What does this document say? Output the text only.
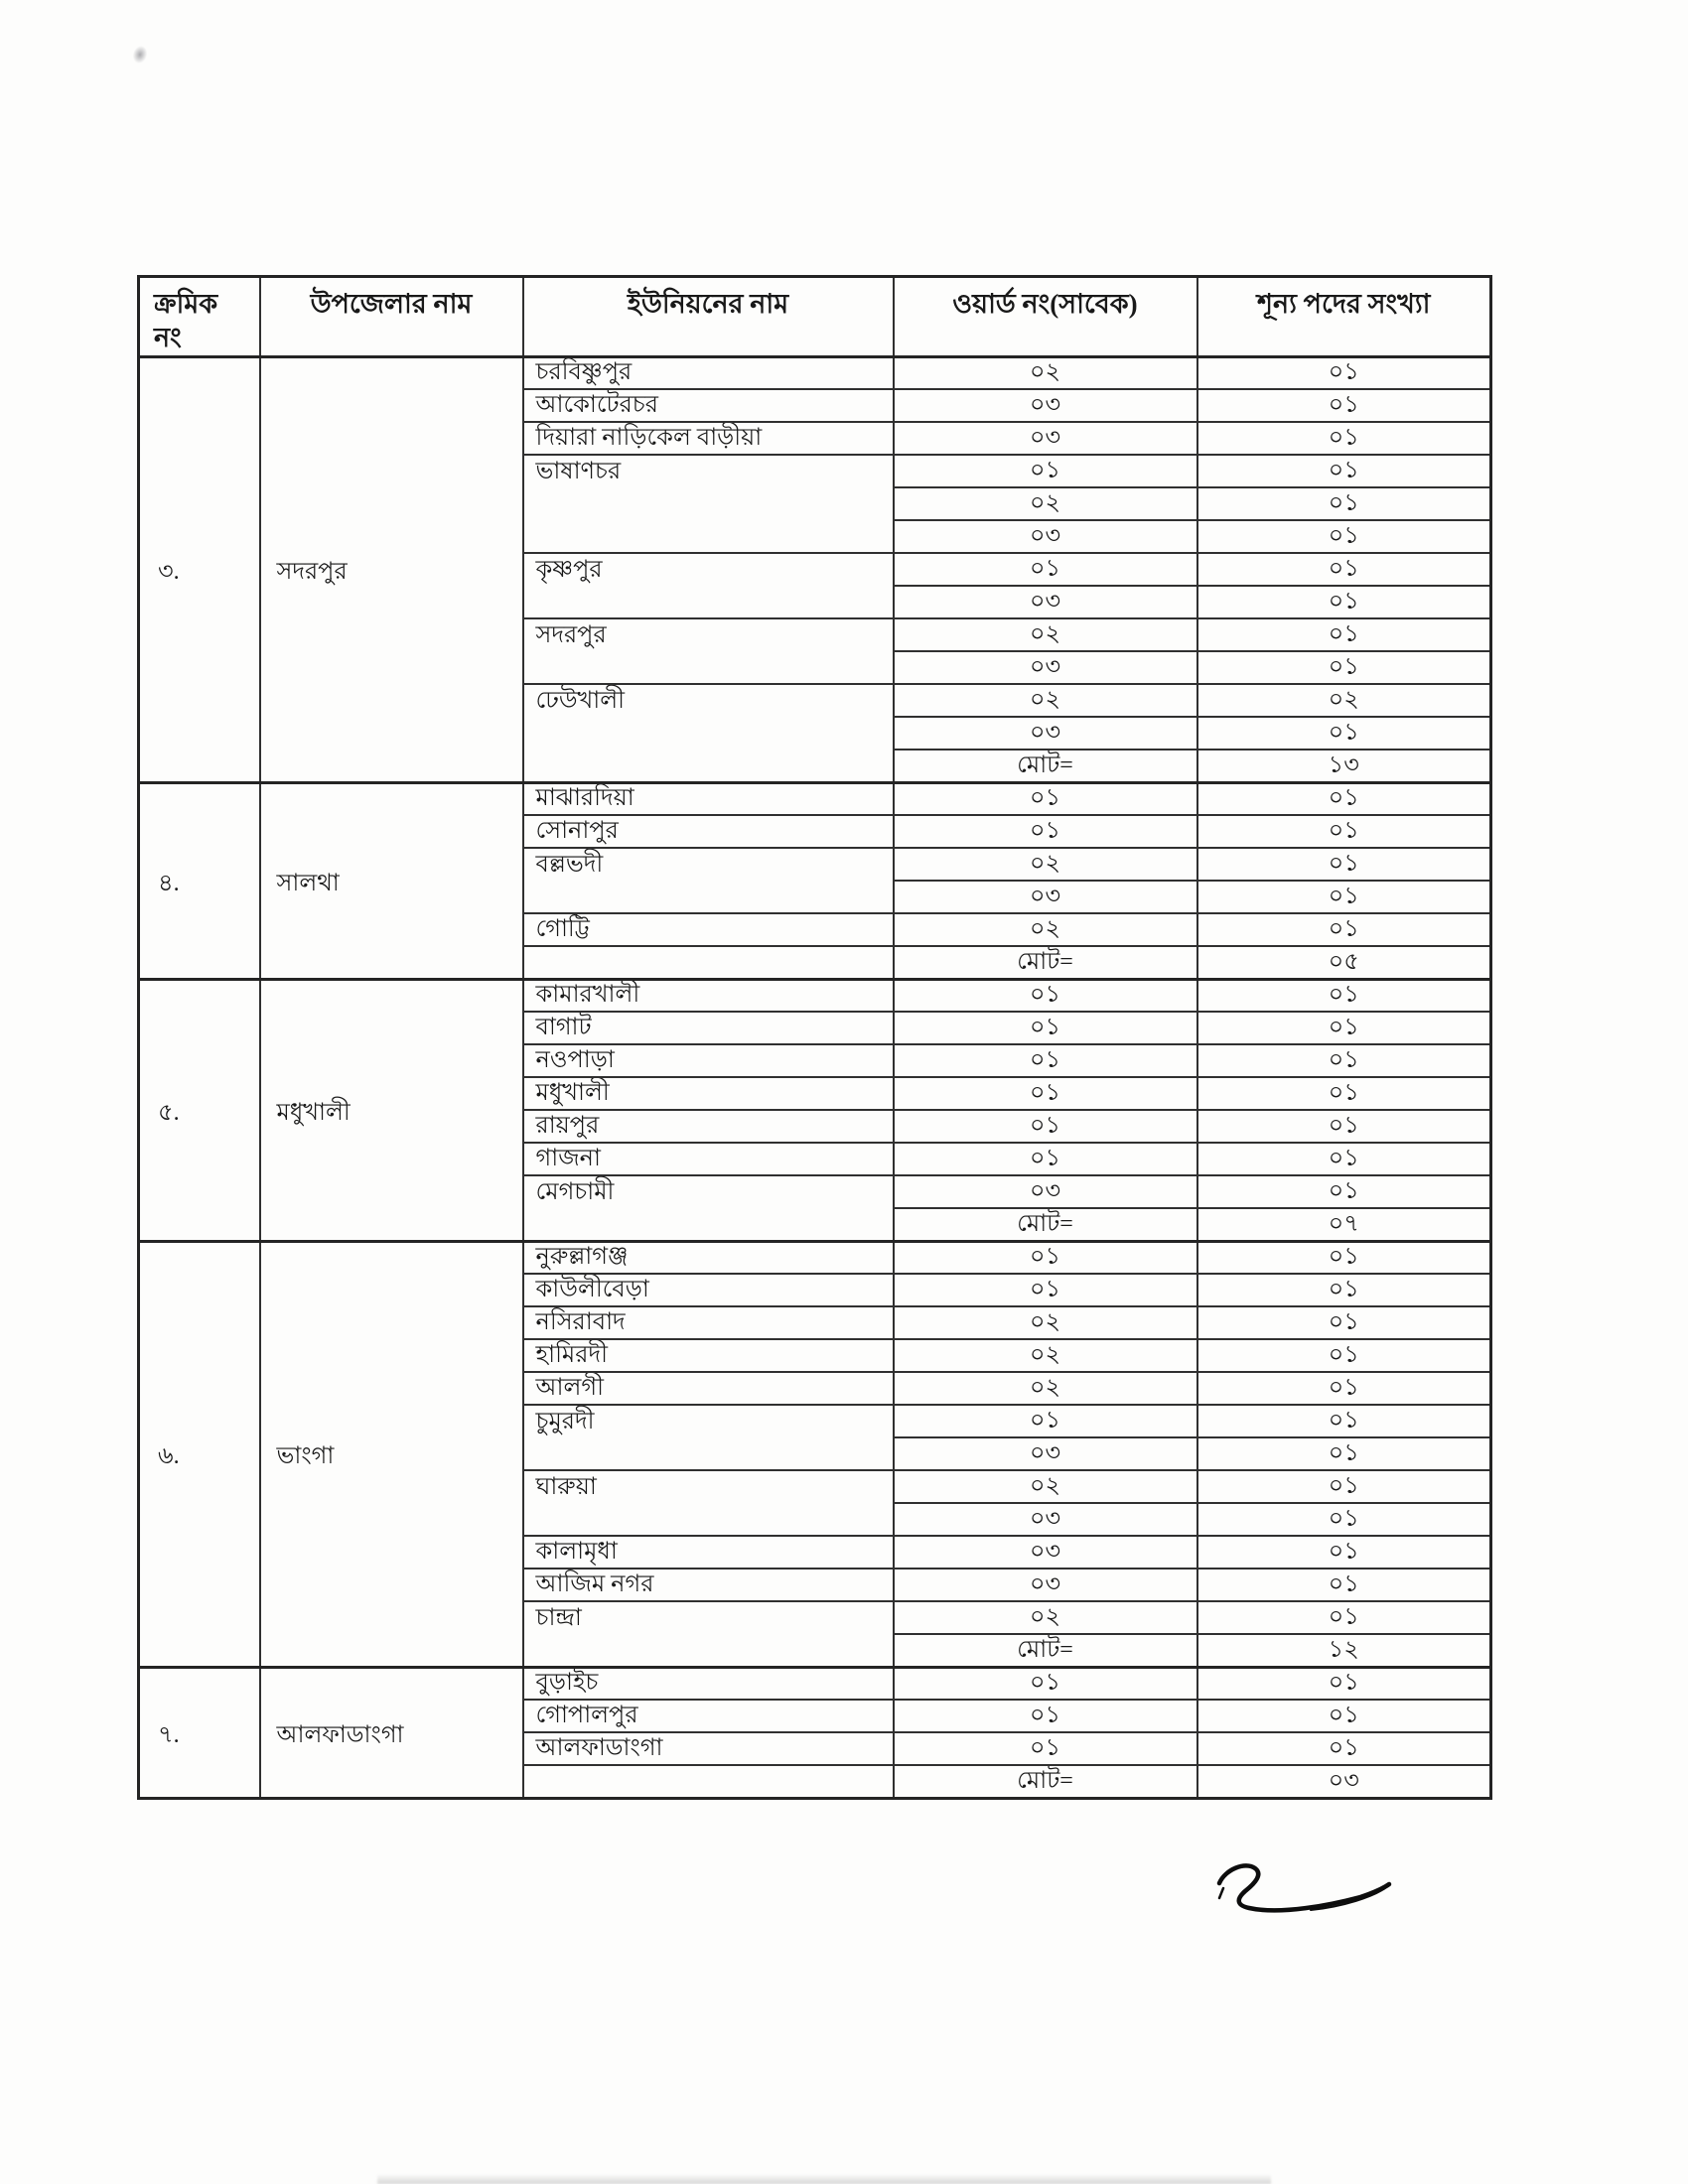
ক্রমিক নং	উপজেলার নাম	ইউনিয়নের নাম	ওয়ার্ড নং(সাবেক)	শূন্য পদের সংখ্যা
৩.	সদরপুর	চরবিষ্ণুপুর	০২	০১
		আকোটেরচর	০৩	০১
		দিয়ারা নাড়িকেল বাড়ীয়া	০৩	০১
		ভাষাণচর	০১	০১
			০২	০১
			০৩	০১
		কৃষ্ণপুর	০১	০১
			০৩	০১
		সদরপুর	০২	০১
			০৩	০১
		ঢেউখালী	০২	০২
			০৩	০১
			মোট=	১৩
৪.	সালথা	মাঝারদিয়া	০১	০১
		সোনাপুর	০১	০১
		বল্লভদী	০২	০১
			০৩	০১
		গোট্টি	০২	০১
			মোট=	০৫
৫.	মধুখালী	কামারখালী	০১	০১
		বাগাট	০১	০১
		নওপাড়া	০১	০১
		মধুখালী	০১	০১
		রায়পুর	০১	০১
		গাজনা	০১	০১
		মেগচামী	০৩	০১
			মোট=	০৭
৬.	ভাংগা	নুরুল্লাগঞ্জ	০১	০১
		কাউলীবেড়া	০১	০১
		নসিরাবাদ	০২	০১
		হামিরদী	০২	০১
		আলগী	০২	০১
		চুমুরদী	০১	০১
			০৩	০১
		ঘারুয়া	০২	০১
			০৩	০১
		কালামৃধা	০৩	০১
		আজিম নগর	০৩	০১
		চান্দ্রা	০২	০১
			মোট=	১২
৭.	আলফাডাংগা	বুড়াইচ	০১	০১
		গোপালপুর	০১	০১
		আলফাডাংগা	০১	০১
			মোট=	০৩
